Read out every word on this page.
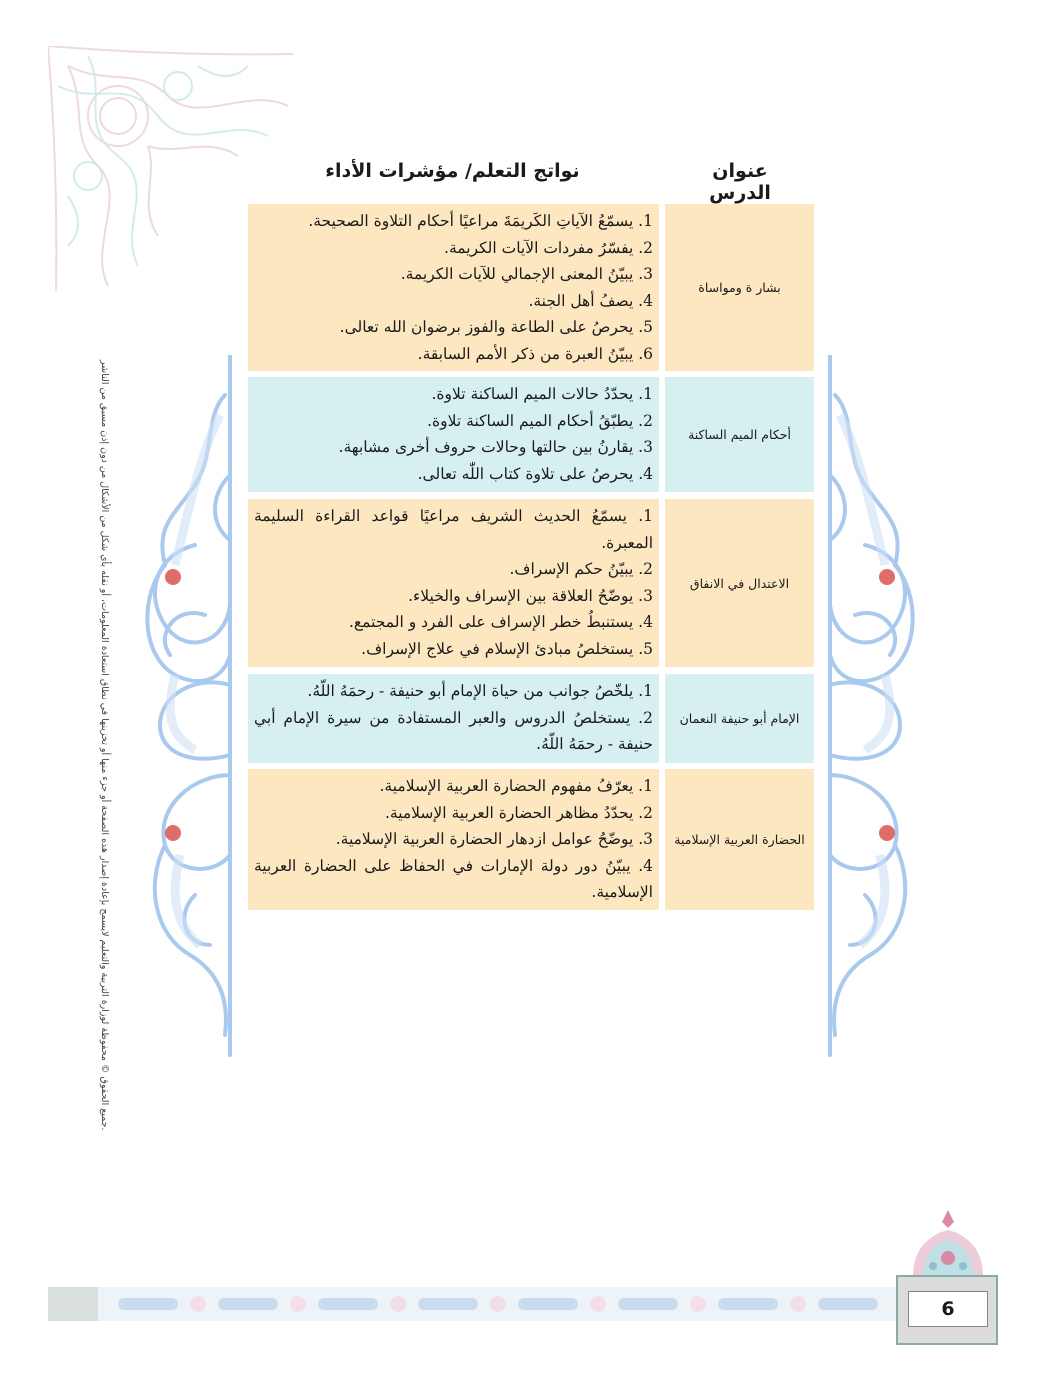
جميع الحقوق © محفوظة لوزارة التربية والتعليم لايسمح بإعادة إصدار هذه الصفحة أو جزء منها أو تخزينها في نطاق استعادة المعلومات، أو نقله بأي شكل من الأشكال من دون إذن مسبق من الناشر.
عنوان الدرس
نواتج التعلم/ مؤشرات الأداء
1. يسمّعُ الآياتِ الكَريمَةَ مراعيًا أحكام التلاوة الصحيحة.
2. يفسّرُ مفردات الآيات الكريمة.
3. يبيّنُ المعنى الإجمالي للآيات الكريمة.
4. يصفُ أهل الجنة.
5. يحرصُ على الطاعة والفوز برضوان الله تعالى.
6. يبيّنُ العبرة من ذكر الأمم السابقة.
بشار ة ومواساة
1. يحدّدُ حالات الميم الساكنة تلاوة.
2. يطبّقُ أحكام الميم الساكنة تلاوة.
3. يقارنُ بين حالتها وحالات حروف أخرى مشابهة.
4. يحرصُ على تلاوة كتاب اللّٰه تعالى.
أحكام الميم الساكنة
1. يسمّعُ الحديث الشريف مراعيًا قواعد القراءة السليمة المعبرة.
2. يبيّنُ حكم الإسراف.
3. يوضّحُ العلاقة بين الإسراف والخيلاء.
4. يستنبطُ خطر الإسراف على الفرد و المجتمع.
5. يستخلصُ مبادئ الإسلام في علاج الإسراف.
الاعتدال في الانفاق
1. يلخّصُ جوانب من حياة الإمام أبو حنيفة - رحمَهُ اللّهُ.
2. يستخلصُ الدروس والعبر المستفادة من سيرة الإمام أبي حنيفة - رحمَهُ اللّهُ.
الإمام أبو حنيفة النعمان
1. يعرّفُ مفهوم الحضارة العربية الإسلامية.
2. يحدّدُ مظاهر الحضارة العربية الإسلامية.
3. يوضّحُ عوامل ازدهار الحضارة العربية الإسلامية.
4. يبيّنُ دور دولة الإمارات في الحفاظ على الحضارة العربية الإسلامية.
الحضارة العربية الإسلامية
6
